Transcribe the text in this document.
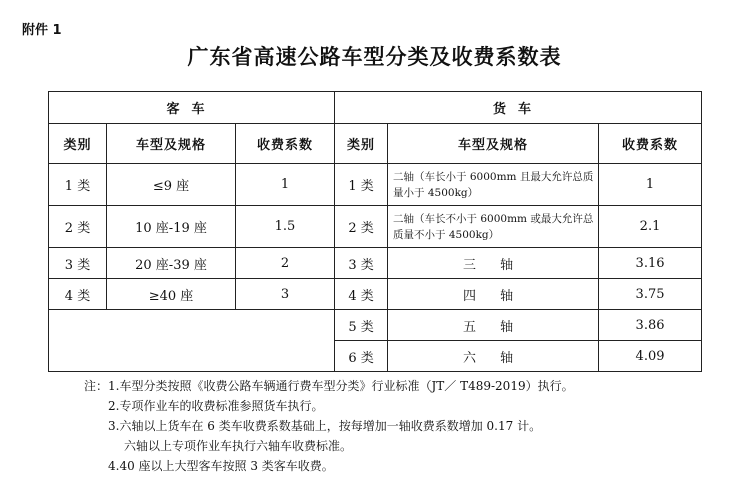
附件 1
广东省高速公路车型分类及收费系数表
客车			货车		
类别	车型及规格	收费系数	类别	车型及规格	收费系数
1 类	≤9 座	1	1 类	二轴（车长小于 6000mm 且最大允许总质量小于 4500kg）	1
2 类	10 座-19 座	1.5	2 类	二轴（车长不小于 6000mm 或最大允许总质量不小于 4500kg）	2.1
3 类	20 座-39 座	2	3 类	三 轴	3.16
4 类	≥40 座	3	4 类	四 轴	3.75
			5 类	五 轴	3.86
			6 类	六 轴	4.09
注：1.车型分类按照《收费公路车辆通行费车型分类》行业标准（JT／ T489-2019）执行。
2.专项作业车的收费标准参照货车执行。
3.六轴以上货车在 6 类车收费系数基础上，按每增加一轴收费系数增加 0.17 计。
六轴以上专项作业车执行六轴车收费标准。
4.40 座以上大型客车按照 3 类客车收费。
